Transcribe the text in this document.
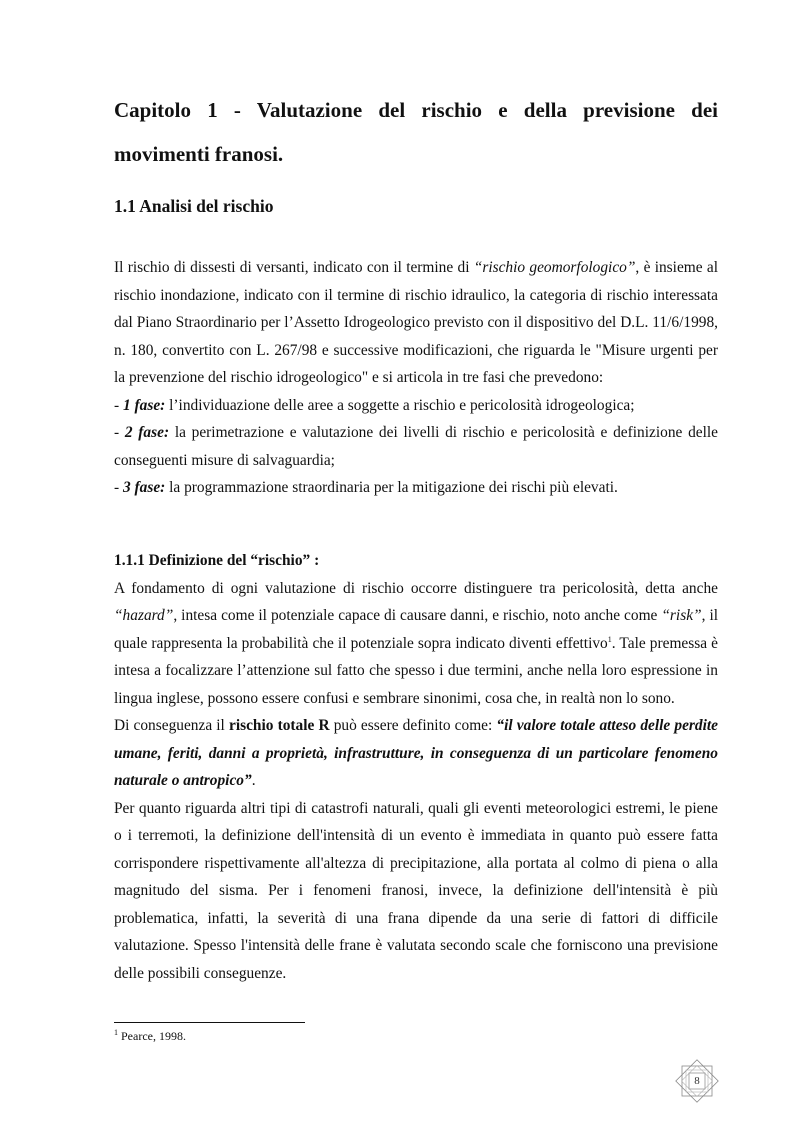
Capitolo 1 - Valutazione del rischio e della previsione dei movimenti franosi.
1.1 Analisi del rischio

Il rischio di dissesti di versanti, indicato con il termine di “rischio geomorfologico”, è insieme al rischio inondazione, indicato con il termine di rischio idraulico, la categoria di rischio interessata dal Piano Straordinario per l’Assetto Idrogeologico previsto con il dispositivo del D.L. 11/6/1998, n. 180, convertito con L. 267/98 e successive modificazioni, che riguarda le "Misure urgenti per la prevenzione del rischio idrogeologico" e si articola in tre fasi che prevedono:

- 1 fase: l’individuazione delle aree a soggette a rischio e pericolosità idrogeologica;

- 2 fase: la perimetrazione e valutazione dei livelli di rischio e pericolosità e definizione delle conseguenti misure di salvaguardia;

- 3 fase: la programmazione straordinaria per la mitigazione dei rischi più elevati.

1.1.1 Definizione del “rischio” :

A fondamento di ogni valutazione di rischio occorre distinguere tra pericolosità, detta anche “hazard”, intesa come il potenziale capace di causare danni, e rischio, noto anche come “risk”, il quale rappresenta la probabilità che il potenziale sopra indicato diventi effettivo$^1$. Tale premessa è intesa a focalizzare l’attenzione sul fatto che spesso i due termini, anche nella loro espressione in lingua inglese, possono essere confusi e sembrare sinonimi, cosa che, in realtà non lo sono.

Di conseguenza il rischio totale R può essere definito come: “il valore totale atteso delle perdite umane, feriti, danni a proprietà, infrastrutture, in conseguenza di un particolare fenomeno naturale o antropico”.

Per quanto riguarda altri tipi di catastrofi naturali, quali gli eventi meteorologici estremi, le piene o i terremoti, la definizione dell'intensità di un evento è immediata in quanto può essere fatta corrispondere rispettivamente all'altezza di precipitazione, alla portata al colmo di piena o alla magnitudo del sisma. Per i fenomeni franosi, invece, la definizione dell'intensità è più problematica, infatti, la severità di una frana dipende da una serie di fattori di difficile valutazione. Spesso l'intensità delle frane è valutata secondo scale che forniscono una previsione delle possibili conseguenze.

$^1$ Pearce, 1998.
8
